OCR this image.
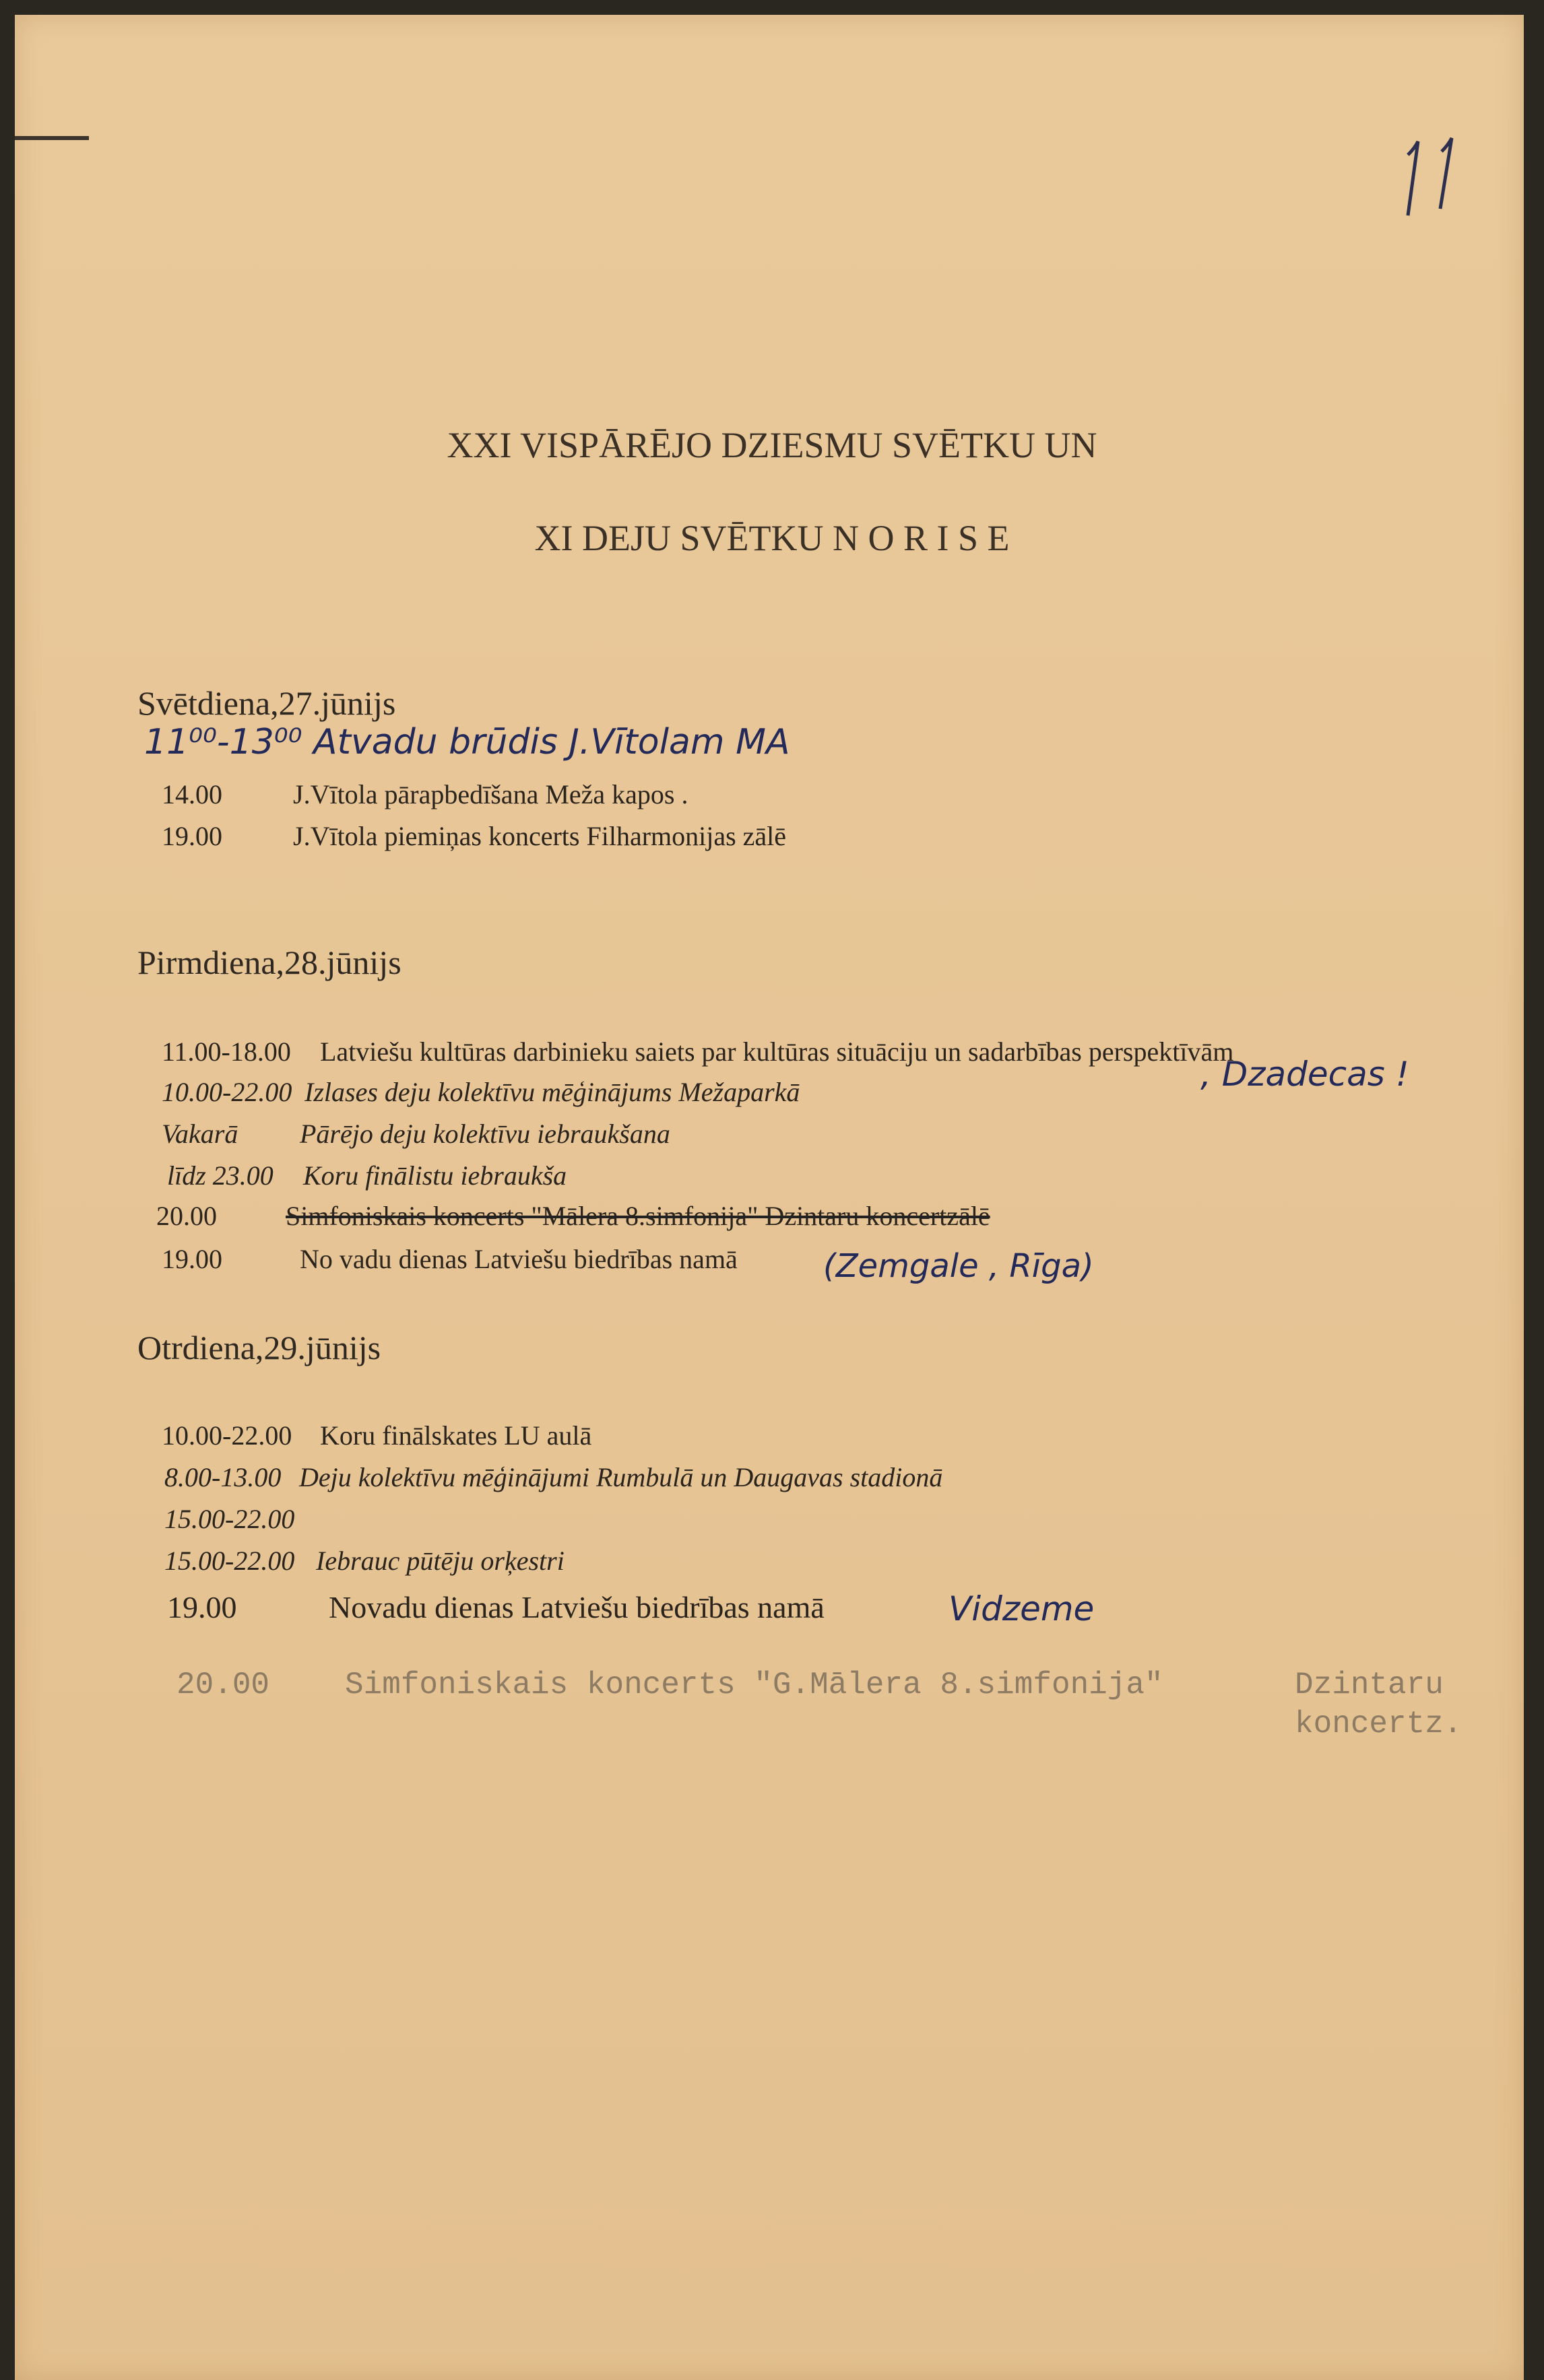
XXI VISPĀRĒJO DZIESMU SVĒTKU UN
XI DEJU SVĒTKU N O R I S E
Svētdiena,27.jūnijs
11⁰⁰-13⁰⁰ Atvadu brūdis J.Vītolam MA
14.00	J.Vītola pārapbedīšana Meža kapos .
19.00	J.Vītola piemiņas koncerts Filharmonijas zālē
Pirmdiena,28.jūnijs
11.00-18.00 Latviešu kultūras darbinieku saiets par kultūras situāciju un sadarbības perspektīvām
10.00-22.00 Izlases deju kolektīvu mēģinājums Mežaparkā
Vakarā Pārējo deju kolektīvu iebraukšana
līdz 23.00 Koru finālistu iebraukša
20.00	Simfoniskais koncerts "Mālera 8.simfonija" Dzintaru koncertzālē
19.00	No vadu dienas Latviešu biedrības namā
, Dzadecas !
(Zemgale , Rīga)
Otrdiena,29.jūnijs
10.00-22.00 Koru finālskates LU aulā
8.00-13.00 Deju kolektīvu mēģinājumi Rumbulā un Daugavas stadionā
15.00-22.00
15.00-22.00 Iebrauc pūtēju orķestri
19.00	Novadu dienas Latviešu biedrības namā	Vidzeme
20.00 Simfoniskais koncerts "G.Mālera 8.simfonija"	Dzintaru
koncertz.
